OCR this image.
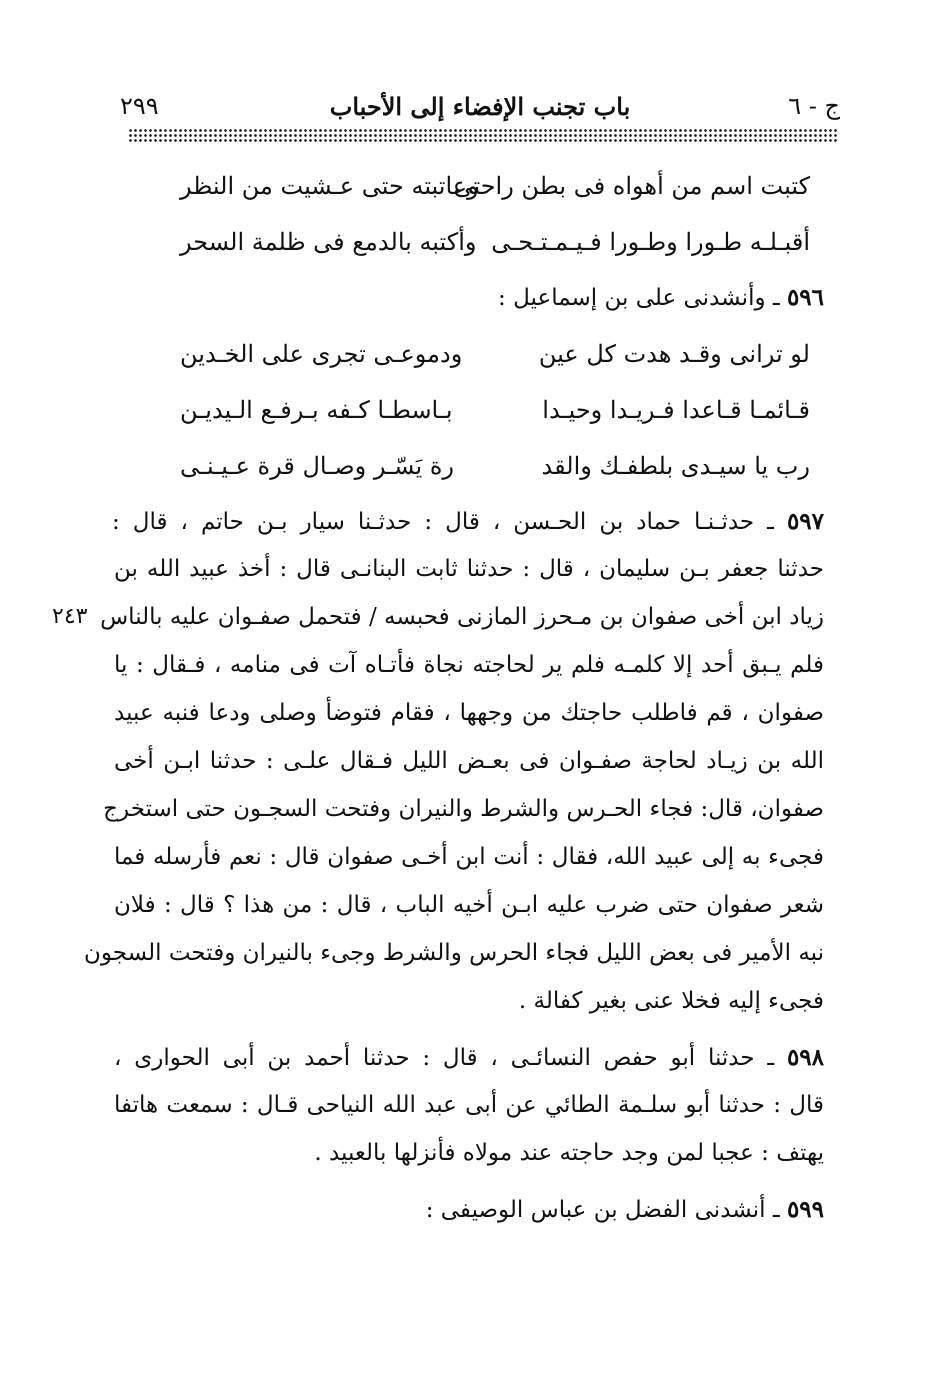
ج - ٦
باب تجنب الإفضاء إلى الأحباب
٢٩٩
كتبت اسم من أهواه فى بطن راحتى
وعاتبته حتى عـشيت من النظر
أقبـلـه طـورا وطـورا فـيـمـتـحـى
وأكتبه بالدمع فى ظلمة السحر
٥٩٦ ـ وأنشدنى على بن إسماعيل :
لو ترانى وقـد هدت كل عين
ودموعـى تجرى على الخـدين
قـائمـا قـاعدا فـريـدا وحيـدا
بـاسطـا كـفه بـرفـع الـيديـن
رب يا سيـدى بلطفـك والقد
رة يَسّـر وصـال قرة عـيـنـى
٥٩٧ ـ حدثـنـا حماد بن الحـسن ، قال : حدثـنا سيار بـن حاتم ، قال :
حدثنا جعفر بـن سليمان ، قال : حدثنا ثابت البنانـى قال : أخذ عبيد الله بن
زياد ابن أخى صفوان بن مـحرز المازنى فحبسه / فتحمل صفـوان عليه بالناس
٢٤٣
فلم يـبق أحد إلا كلمـه فلم ير لحاجته نجاة فأتـاه آت فى منامه ، فـقال : يا
صفوان ، قم فاطلب حاجتك من وجهها ، فقام فتوضأ وصلى ودعا فنبه عبيد
الله بن زيـاد لحاجة صفـوان فى بعـض الليل فـقال علـى : حدثنا ابـن أخى
صفوان، قال: فجاء الحـرس والشرط والنيران وفتحت السجـون حتى استخرج
فجىء به إلى عبيد الله، فقال : أنت ابن أخـى صفوان قال : نعم فأرسله فما
شعر صفوان حتى ضرب عليه ابـن أخيه الباب ، قال : من هذا ؟ قال : فلان
نبه الأمير فى بعض الليل فجاء الحرس والشرط وجىء بالنيران وفتحت السجون
فجىء إليه فخلا عنى بغير كفالة .
٥٩٨ ـ حدثنا أبو حفص النسائـى ، قال : حدثنا أحمد بن أبى الحوارى ،
قال : حدثنا أبو سلـمة الطائي عن أبى عبد الله النياحى قـال : سمعت هاتفا
يهتف : عجبا لمن وجد حاجته عند مولاه فأنزلها بالعبيد .
٥٩٩ ـ أنشدنى الفضل بن عباس الوصيفى :
